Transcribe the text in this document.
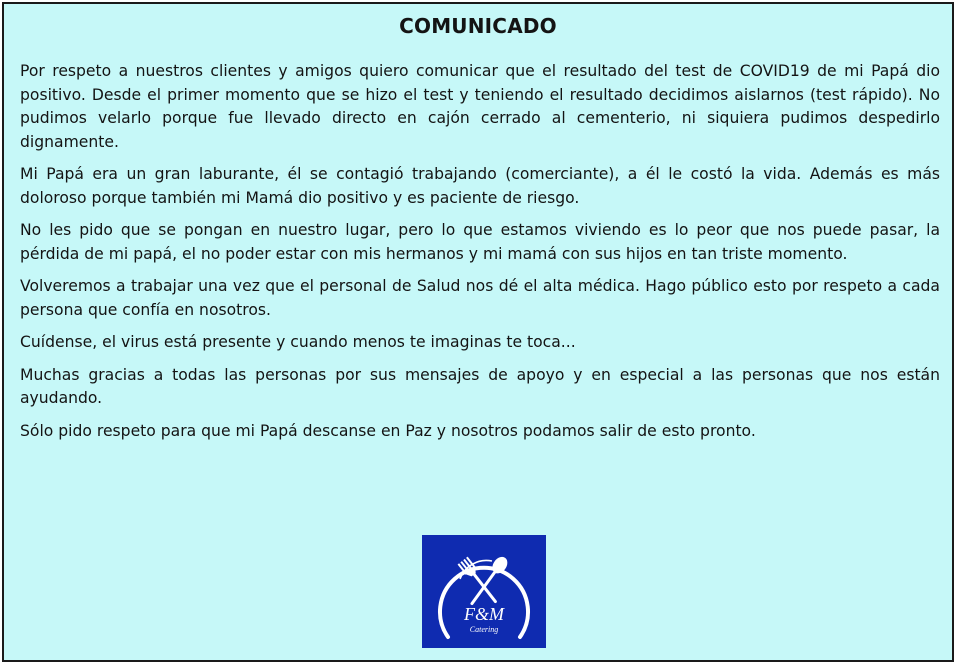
COMUNICADO

Por respeto a nuestros clientes y amigos quiero comunicar que el resultado del test de COVID19 de mi Papá dio positivo. Desde el primer momento que se hizo el test y teniendo el resultado decidimos aislarnos (test rápido). No pudimos velarlo porque fue llevado directo en cajón cerrado al cementerio, ni siquiera pudimos despedirlo dignamente.

Mi Papá era un gran laburante, él se contagió trabajando (comerciante), a él le costó la vida. Además es más doloroso porque también mi Mamá dio positivo y es paciente de riesgo.

No les pido que se pongan en nuestro lugar, pero lo que estamos viviendo es lo peor que nos puede pasar, la pérdida de mi papá, el no poder estar con mis hermanos y mi mamá con sus hijos en tan triste momento.

Volveremos a trabajar una vez que el personal de Salud nos dé el alta médica. Hago público esto por respeto a cada persona que confía en nosotros.

Cuídense, el virus está presente y cuando menos te imaginas te toca...

Muchas gracias a todas las personas por sus mensajes de apoyo y en especial a las personas que nos están ayudando.

Sólo pido respeto para que mi Papá descanse en Paz y nosotros podamos salir de esto pronto.

F&M
Catering
